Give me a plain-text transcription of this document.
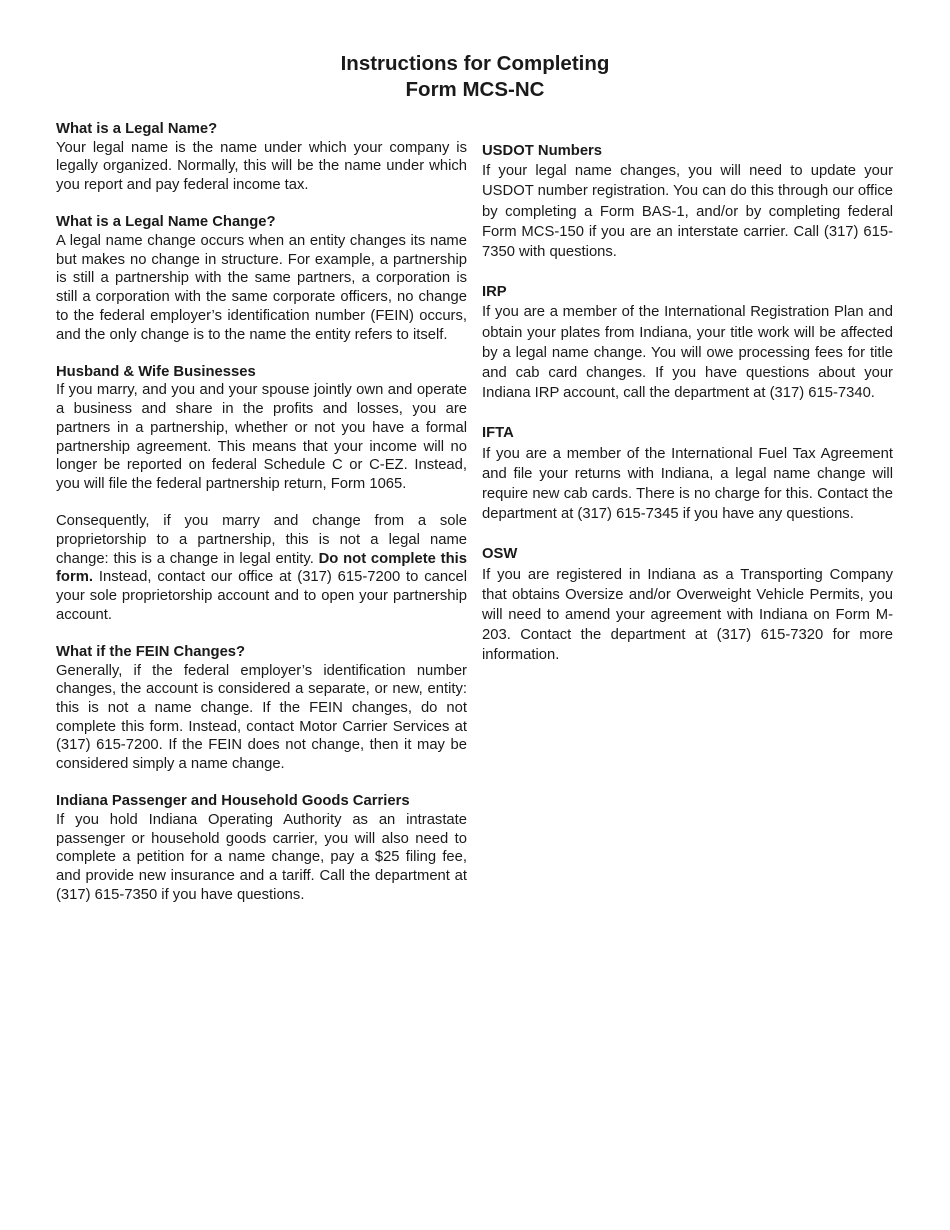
Instructions for Completing
Form MCS-NC
What is a Legal Name?
Your legal name is the name under which your company is legally organized. Normally, this will be the name under which you report and pay federal income tax.
What is a Legal Name Change?
A legal name change occurs when an entity changes its name but makes no change in structure. For example, a partnership is still a partnership with the same partners, a corporation is still a corporation with the same corporate officers, no change to the federal employer’s identification number (FEIN) occurs, and the only change is to the name the entity refers to itself.
Husband & Wife Businesses
If you marry, and you and your spouse jointly own and operate a business and share in the profits and losses, you are partners in a partnership, whether or not you have a formal partnership agreement. This means that your income will no longer be reported on federal Schedule C or C-EZ. Instead, you will file the federal partnership return, Form 1065.
Consequently, if you marry and change from a sole proprietorship to a partnership, this is not a legal name change: this is a change in legal entity. Do not complete this form. Instead, contact our office at (317) 615-7200 to cancel your sole proprietorship account and to open your partnership account.
What if the FEIN Changes?
Generally, if the federal employer’s identification number changes, the account is considered a separate, or new, entity: this is not a name change. If the FEIN changes, do not complete this form. Instead, contact Motor Carrier Services at (317) 615-7200. If the FEIN does not change, then it may be considered simply a name change.
Indiana Passenger and Household Goods Carriers
If you hold Indiana Operating Authority as an intrastate passenger or household goods carrier, you will also need to complete a petition for a name change, pay a $25 filing fee, and provide new insurance and a tariff. Call the department at (317) 615-7350 if you have questions.
USDOT Numbers
If your legal name changes, you will need to update your USDOT number registration. You can do this through our office by completing a Form BAS-1, and/or by completing federal Form MCS-150 if you are an interstate carrier. Call (317) 615-7350 with questions.
IRP
If you are a member of the International Registration Plan and obtain your plates from Indiana, your title work will be affected by a legal name change. You will owe processing fees for title and cab card changes. If you have questions about your Indiana IRP account, call the department at (317) 615-7340.
IFTA
If you are a member of the International Fuel Tax Agreement and file your returns with Indiana, a legal name change will require new cab cards. There is no charge for this. Contact the department at (317) 615-7345 if you have any questions.
OSW
If you are registered in Indiana as a Transporting Company that obtains Oversize and/or Overweight Vehicle Permits, you will need to amend your agreement with Indiana on Form M-203. Contact the department at (317) 615-7320 for more information.
